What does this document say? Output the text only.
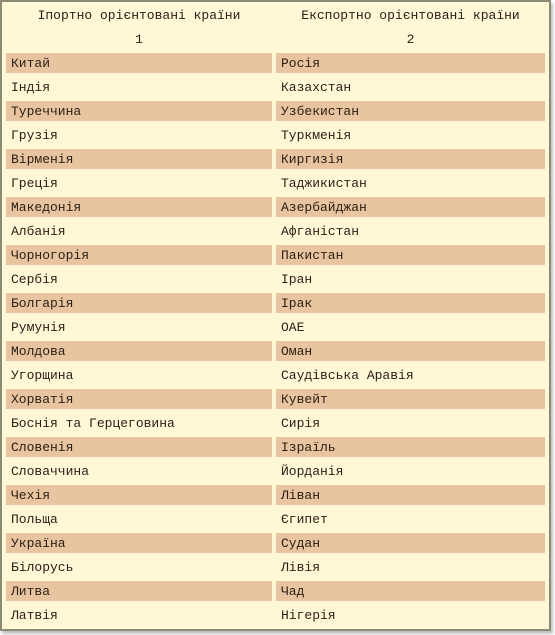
Іпортно орієнтовані країни	Експортно орієнтовані країни
1	2
Китай	Росія
Індія	Казахстан
Туреччина	Узбекистан
Грузія	Туркменія
Вірменія	Киргизія
Греція	Таджикистан
Македонія	Азербайджан
Албанія	Афганістан
Чорногорія	Пакистан
Сербія	Іран
Болгарія	Ірак
Румунія	ОАЕ
Молдова	Оман
Угорщина	Саудівська Аравія
Хорватія	Кувейт
Боснія та Герцеговина	Сирія
Словенія	Ізраїль
Словаччина	Йорданія
Чехія	Ліван
Польща	Єгипет
Україна	Судан
Білорусь	Лівія
Литва	Чад
Латвія	Нігерія
